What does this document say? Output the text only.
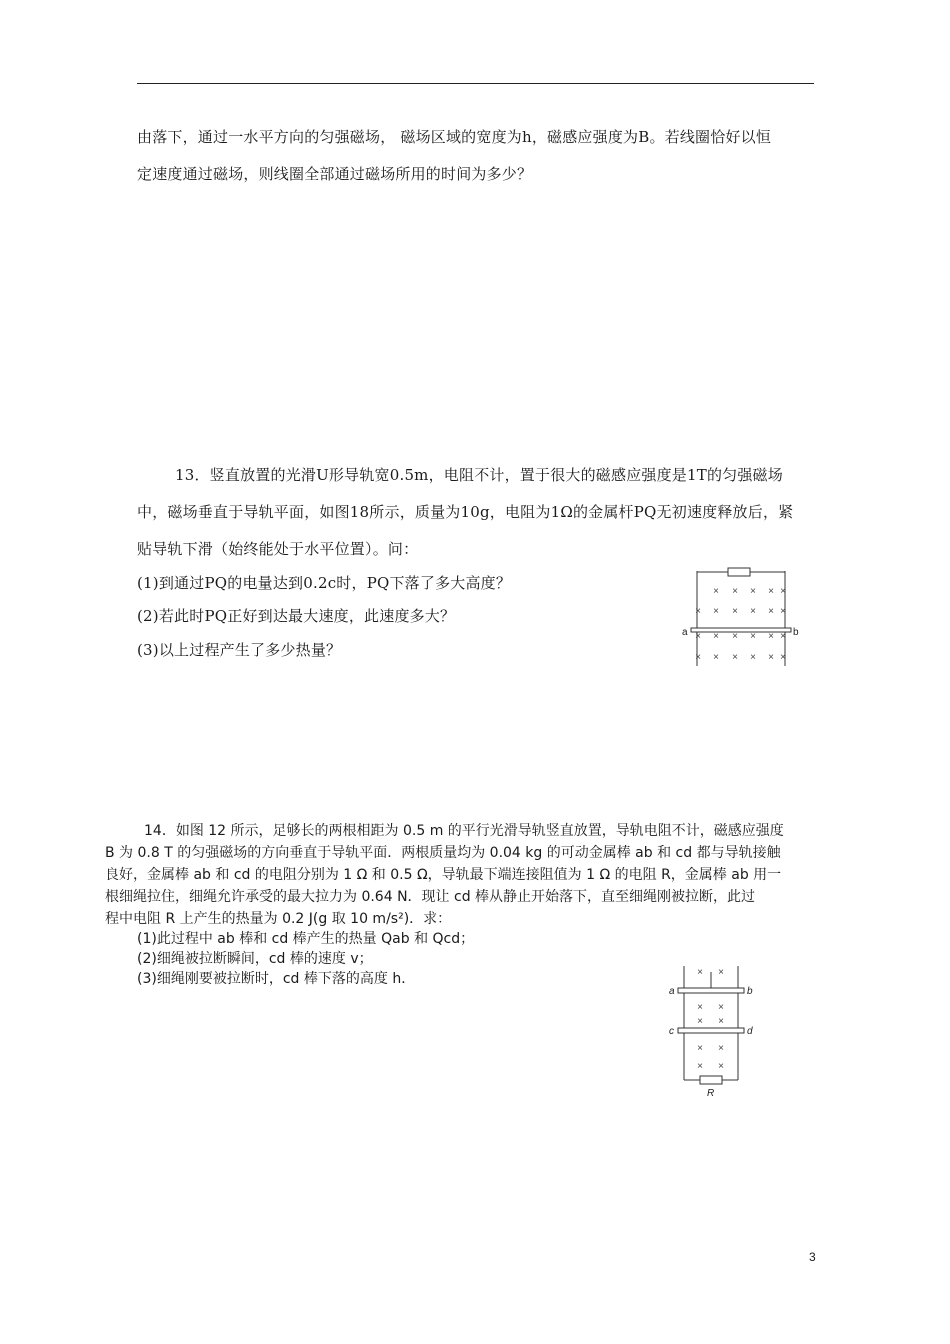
由落下，通过一水平方向的匀强磁场， 磁场区域的宽度为h，磁感应强度为B。若线圈恰好以恒
定速度通过磁场，则线圈全部通过磁场所用的时间为多少？
13．竖直放置的光滑U形导轨宽0.5m，电阻不计，置于很大的磁感应强度是1T的匀强磁场
中，磁场垂直于导轨平面，如图18所示，质量为10g，电阻为1Ω的金属杆PQ无初速度释放后，紧
贴导轨下滑（始终能处于水平位置）。问：
(1)到通过PQ的电量达到0.2c时，PQ下落了多大高度？
(2)若此时PQ正好到达最大速度，此速度多大？
(3)以上过程产生了多少热量？
× × × × ×
× × × × × ×
× × × × × ×
× × × × × ×
a	b
14．如图 12 所示，足够长的两根相距为 0.5 m 的平行光滑导轨竖直放置，导轨电阻不计，磁感应强度
B 为 0.8 T 的匀强磁场的方向垂直于导轨平面．两根质量均为 0.04 kg 的可动金属棒 ab 和 cd 都与导轨接触
良好，金属棒 ab 和 cd 的电阻分别为 1 Ω 和 0.5 Ω，导轨最下端连接阻值为 1 Ω 的电阻 R，金属棒 ab 用一
根细绳拉住，细绳允许承受的最大拉力为 0.64 N．现让 cd 棒从静止开始落下，直至细绳刚被拉断，此过
程中电阻 R 上产生的热量为 0.2 J(g 取 10 m/s²)．求：
(1)此过程中 ab 棒和 cd 棒产生的热量 Qab 和 Qcd；
(2)细绳被拉断瞬间，cd 棒的速度 v；
(3)细绳刚要被拉断时，cd 棒下落的高度 h．	× ×
× ×
× ×
× ×
× ×
a	b
c	d
R
3
